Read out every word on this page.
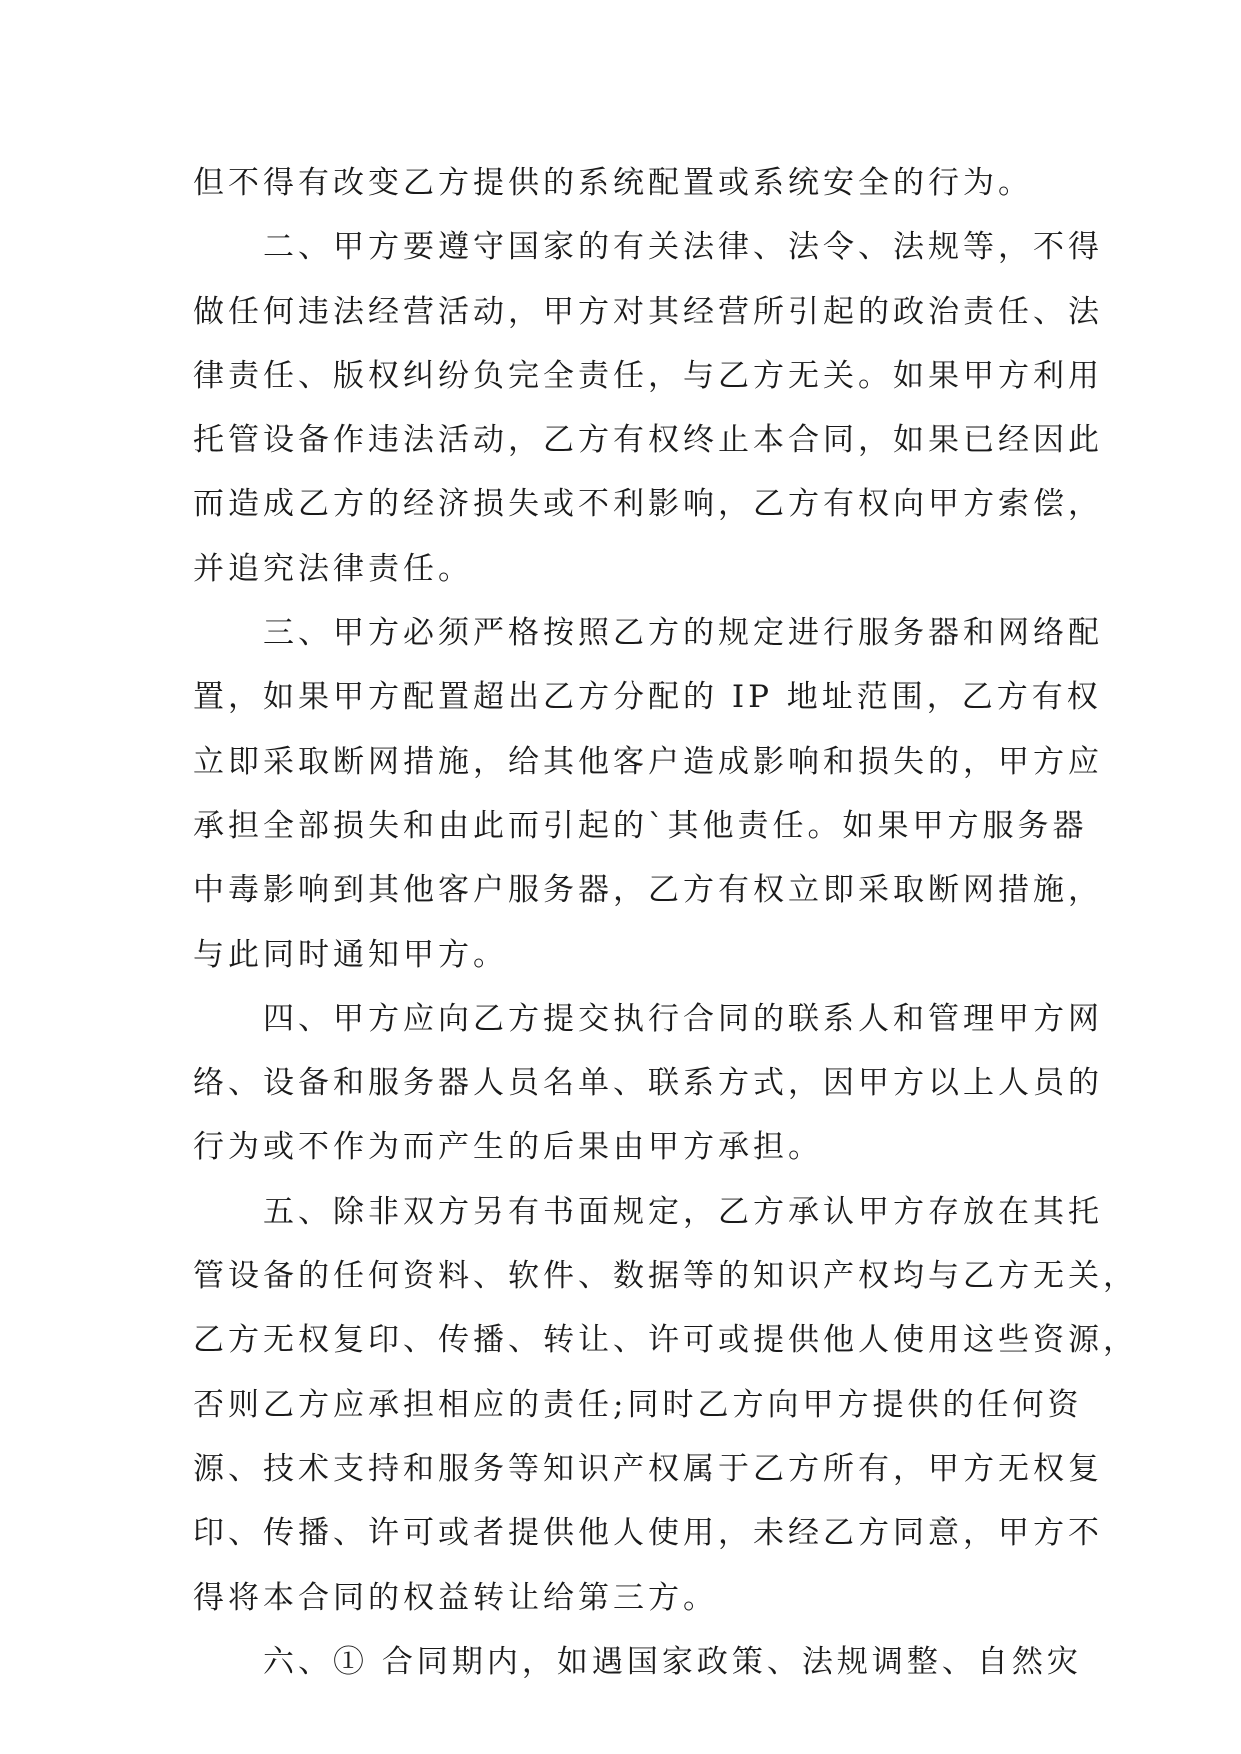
但不得有改变乙方提供的系统配置或系统安全的行为。
　　二、甲方要遵守国家的有关法律、法令、法规等，不得
做任何违法经营活动，甲方对其经营所引起的政治责任、法
律责任、版权纠纷负完全责任，与乙方无关。如果甲方利用
托管设备作违法活动，乙方有权终止本合同，如果已经因此
而造成乙方的经济损失或不利影响，乙方有权向甲方索偿，
并追究法律责任。
　　三、甲方必须严格按照乙方的规定进行服务器和网络配
置，如果甲方配置超出乙方分配的 IP 地址范围，乙方有权
立即采取断网措施，给其他客户造成影响和损失的，甲方应
承担全部损失和由此而引起的`其他责任。如果甲方服务器
中毒影响到其他客户服务器，乙方有权立即采取断网措施，
与此同时通知甲方。
　　四、甲方应向乙方提交执行合同的联系人和管理甲方网
络、设备和服务器人员名单、联系方式，因甲方以上人员的
行为或不作为而产生的后果由甲方承担。
　　五、除非双方另有书面规定，乙方承认甲方存放在其托
管设备的任何资料、软件、数据等的知识产权均与乙方无关，
乙方无权复印、传播、转让、许可或提供他人使用这些资源，
否则乙方应承担相应的责任;同时乙方向甲方提供的任何资
源、技术支持和服务等知识产权属于乙方所有，甲方无权复
印、传播、许可或者提供他人使用，未经乙方同意，甲方不
得将本合同的权益转让给第三方。
　　六、① 合同期内，如遇国家政策、法规调整、自然灾
